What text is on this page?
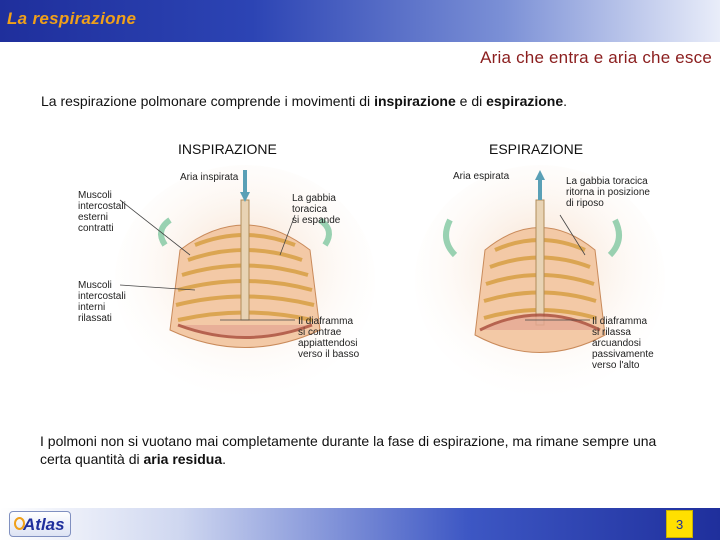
La respirazione
Aria che entra e aria che esce
La respirazione polmonare comprende i movimenti di inspirazione e di espirazione.
INSPIRAZIONE	ESPIRAZIONE
Aria inspirata
Muscoli
intercostali
esterni
contratti
Muscoli
intercostali
interni
rilassati
La gabbia
toracica
si espande
Il diaframma
si contrae
appiattendosi
verso il basso
Aria espirata	La gabbia toracica
ritorna in posizione
di riposo
Il diaframma
si rilassa
arcuandosi
passivamente
verso l'alto
I polmoni non si vuotano mai completamente durante la fase di espirazione, ma rimane sempre una certa quantità di aria residua.
Atlas	3
